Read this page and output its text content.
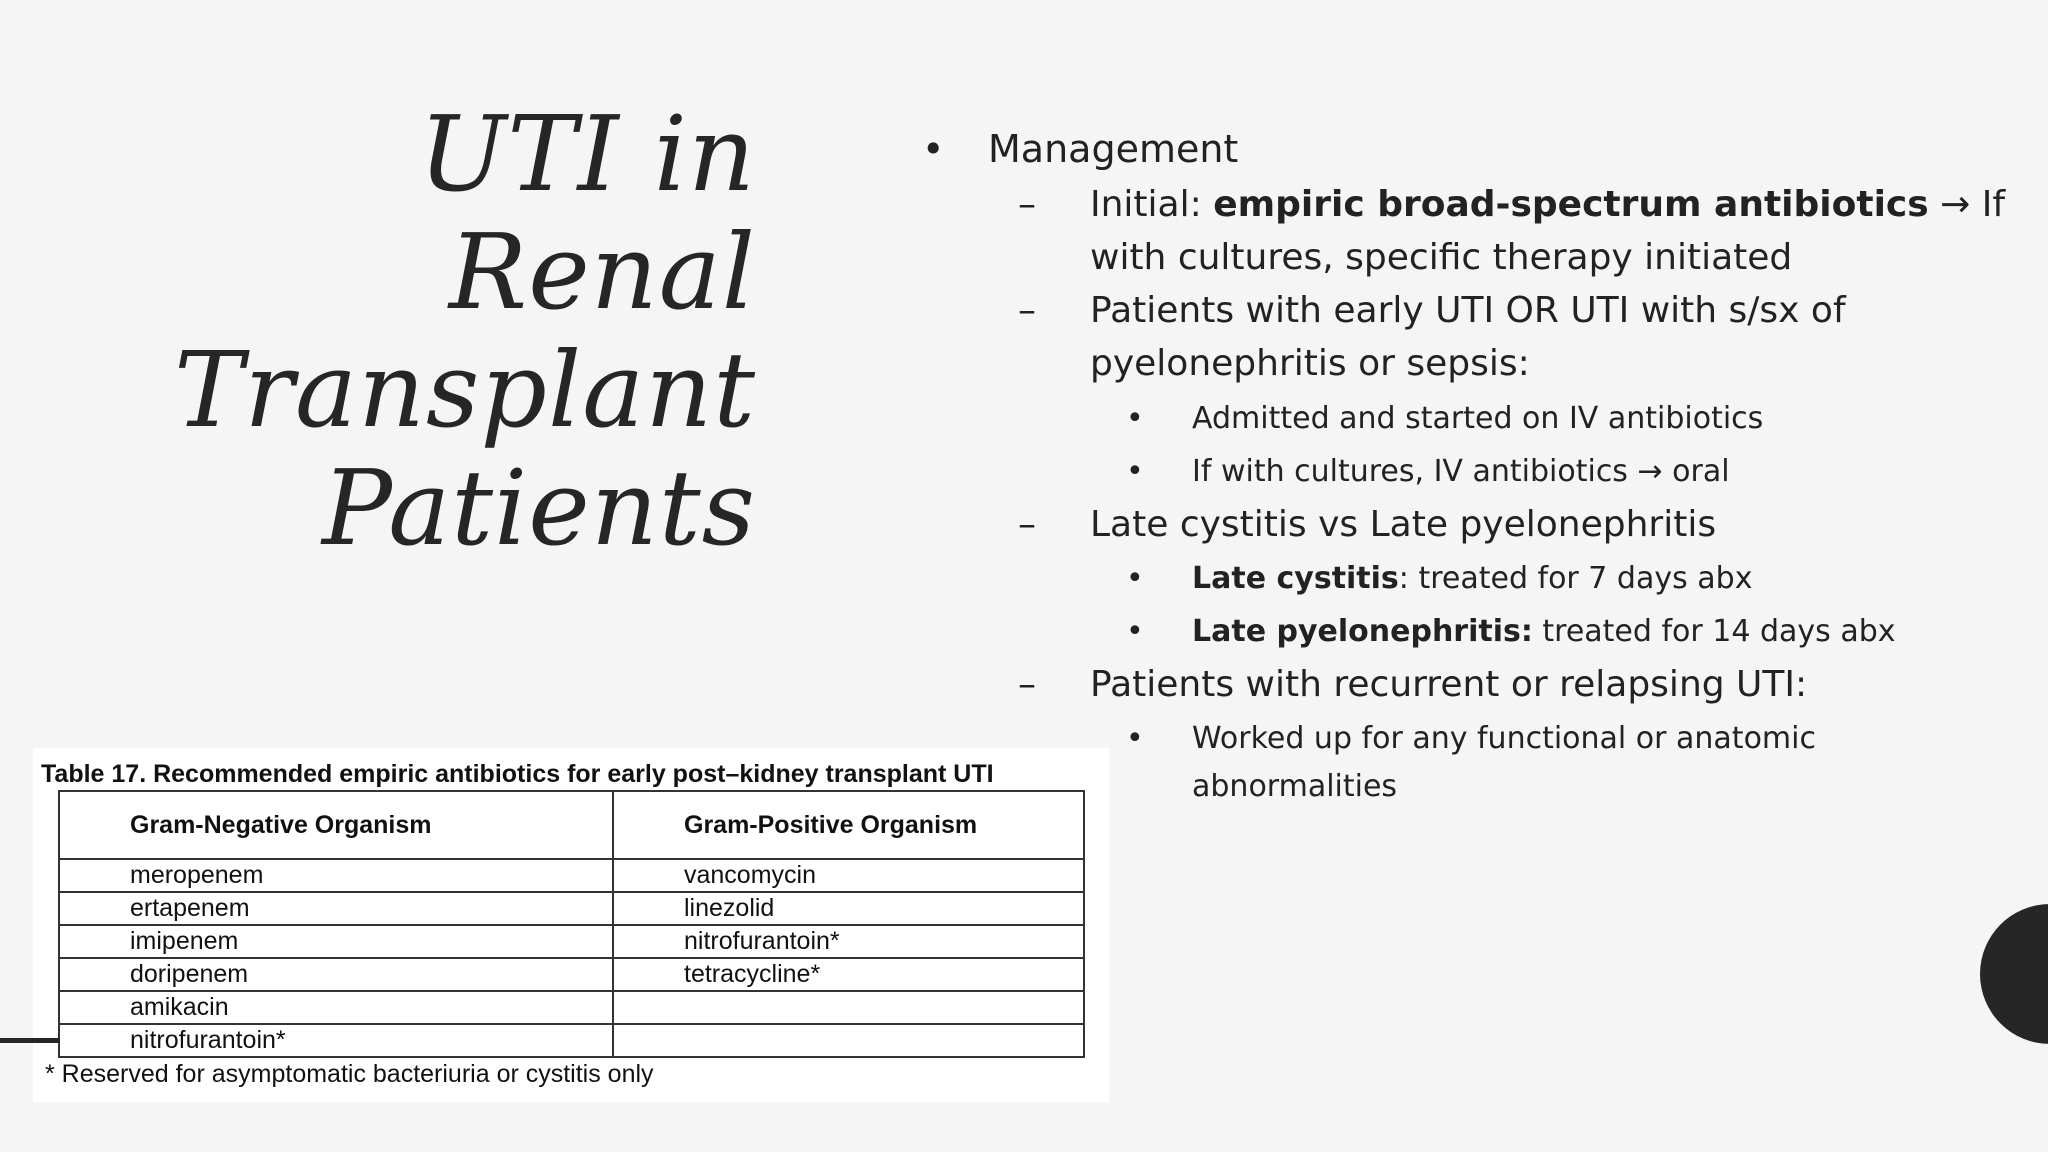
UTI in
Renal
Transplant
Patients
• Management
– Initial: empiric broad-spectrum antibiotics → If
with cultures, specific therapy initiated
– Patients with early UTI OR UTI with s/sx of
pyelonephritis or sepsis:
• Admitted and started on IV antibiotics
• If with cultures, IV antibiotics → oral
– Late cystitis vs Late pyelonephritis
• Late cystitis: treated for 7 days abx
• Late pyelonephritis: treated for 14 days abx
– Patients with recurrent or relapsing UTI:
• Worked up for any functional or anatomic
abnormalities
Table 17. Recommended empiric antibiotics for early post–kidney transplant UTI
Gram-Negative Organism	Gram-Positive Organism
meropenem	vancomycin
ertapenem	linezolid
imipenem	nitrofurantoin*
doripenem	tetracycline*
amikacin	
nitrofurantoin*	
* Reserved for asymptomatic bacteriuria or cystitis only
